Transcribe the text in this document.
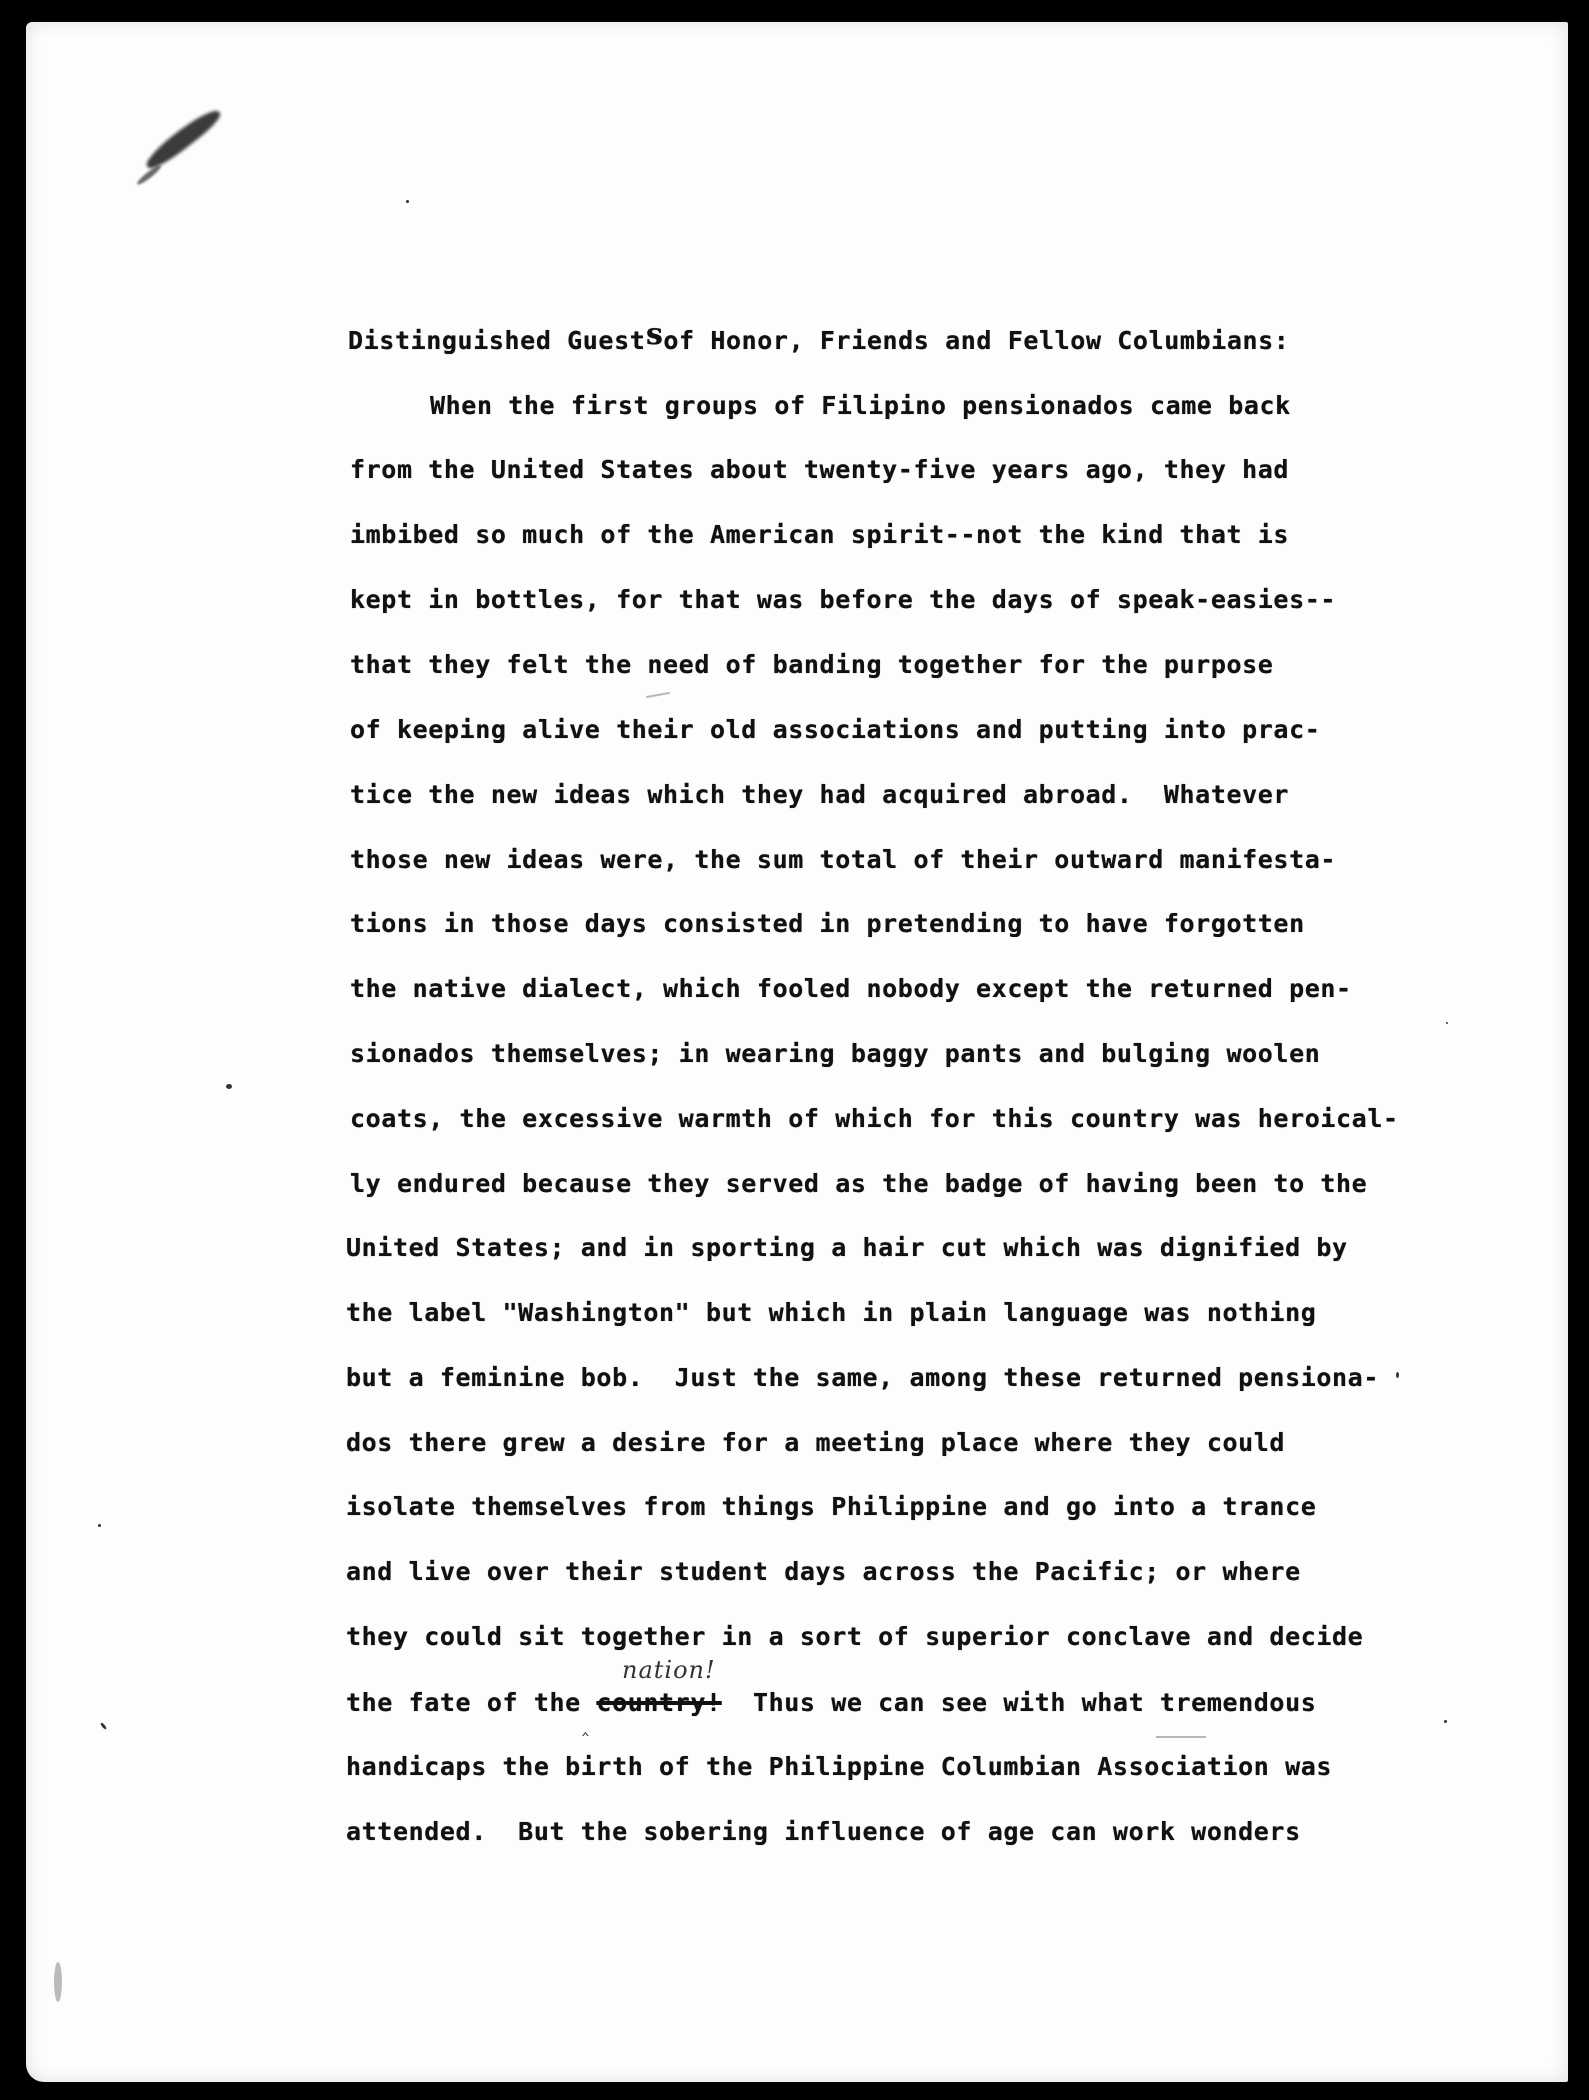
Distinguished Guest of Honor, Friends and Fellow Columbians:

s

When the first groups of Filipino pensionados came back

from the United States about twenty-five years ago, they had

imbibed so much of the American spirit--not the kind that is

kept in bottles, for that was before the days of speak-easies--

that they felt the need of banding together for the purpose

of keeping alive their old associations and putting into prac-

tice the new ideas which they had acquired abroad.  Whatever

those new ideas were, the sum total of their outward manifesta-

tions in those days consisted in pretending to have forgotten

the native dialect, which fooled nobody except the returned pen-

sionados themselves; in wearing baggy pants and bulging woolen

coats, the excessive warmth of which for this country was heroical-

ly endured because they served as the badge of having been to the

United States; and in sporting a hair cut which was dignified by

the label "Washington" but which in plain language was nothing

but a feminine bob.  Just the same, among these returned pensiona-

dos there grew a desire for a meeting place where they could

isolate themselves from things Philippine and go into a trance

and live over their student days across the Pacific; or where

they could sit together in a sort of superior conclave and decide

the fate of the country!  Thus we can see with what tremendous

handicaps the birth of the Philippine Columbian Association was

attended.  But the sobering influence of age can work wonders

nation!
‸
